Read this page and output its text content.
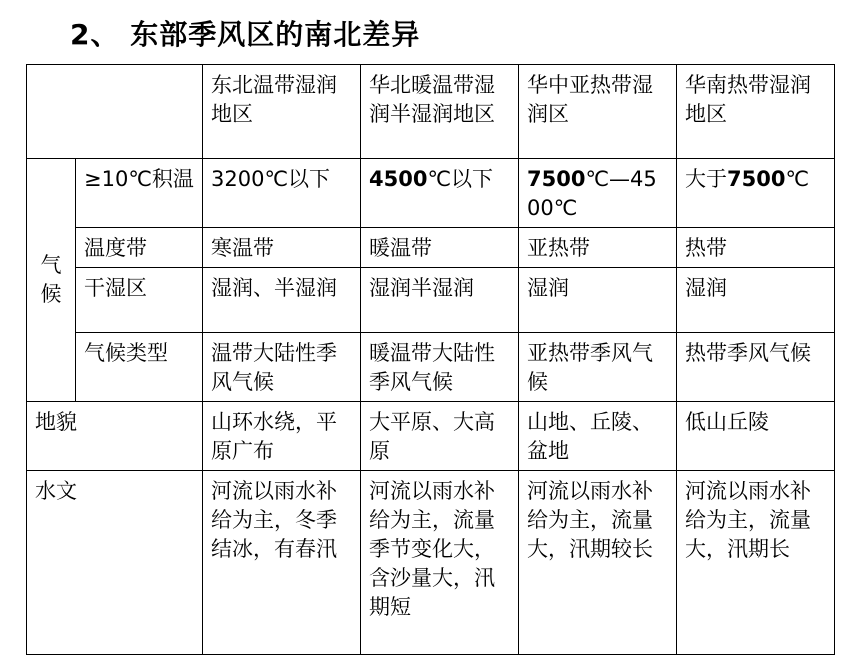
2、 东部季风区的南北差异
		东北温带湿润地区	华北暖温带湿润半湿润地区	华中亚热带湿润区	华南热带湿润地区

气
候	≥10℃积温	3200℃以下	4500℃以下	7500℃—4500℃	大于7500℃
	温度带	寒温带	暖温带	亚热带	热带
	干湿区	湿润、半湿润	湿润半湿润	湿润	湿润
	气候类型	温带大陆性季风气候	暖温带大陆性季风气候	亚热带季风气候	热带季风气候
地貌		山环水绕，平原广布	大平原、大高原	山地、丘陵、盆地	低山丘陵
水文		河流以雨水补给为主，冬季结冰，有春汛	河流以雨水补给为主，流量季节变化大，含沙量大，汛期短	河流以雨水补给为主，流量大，汛期较长	河流以雨水补给为主，流量大，汛期长
